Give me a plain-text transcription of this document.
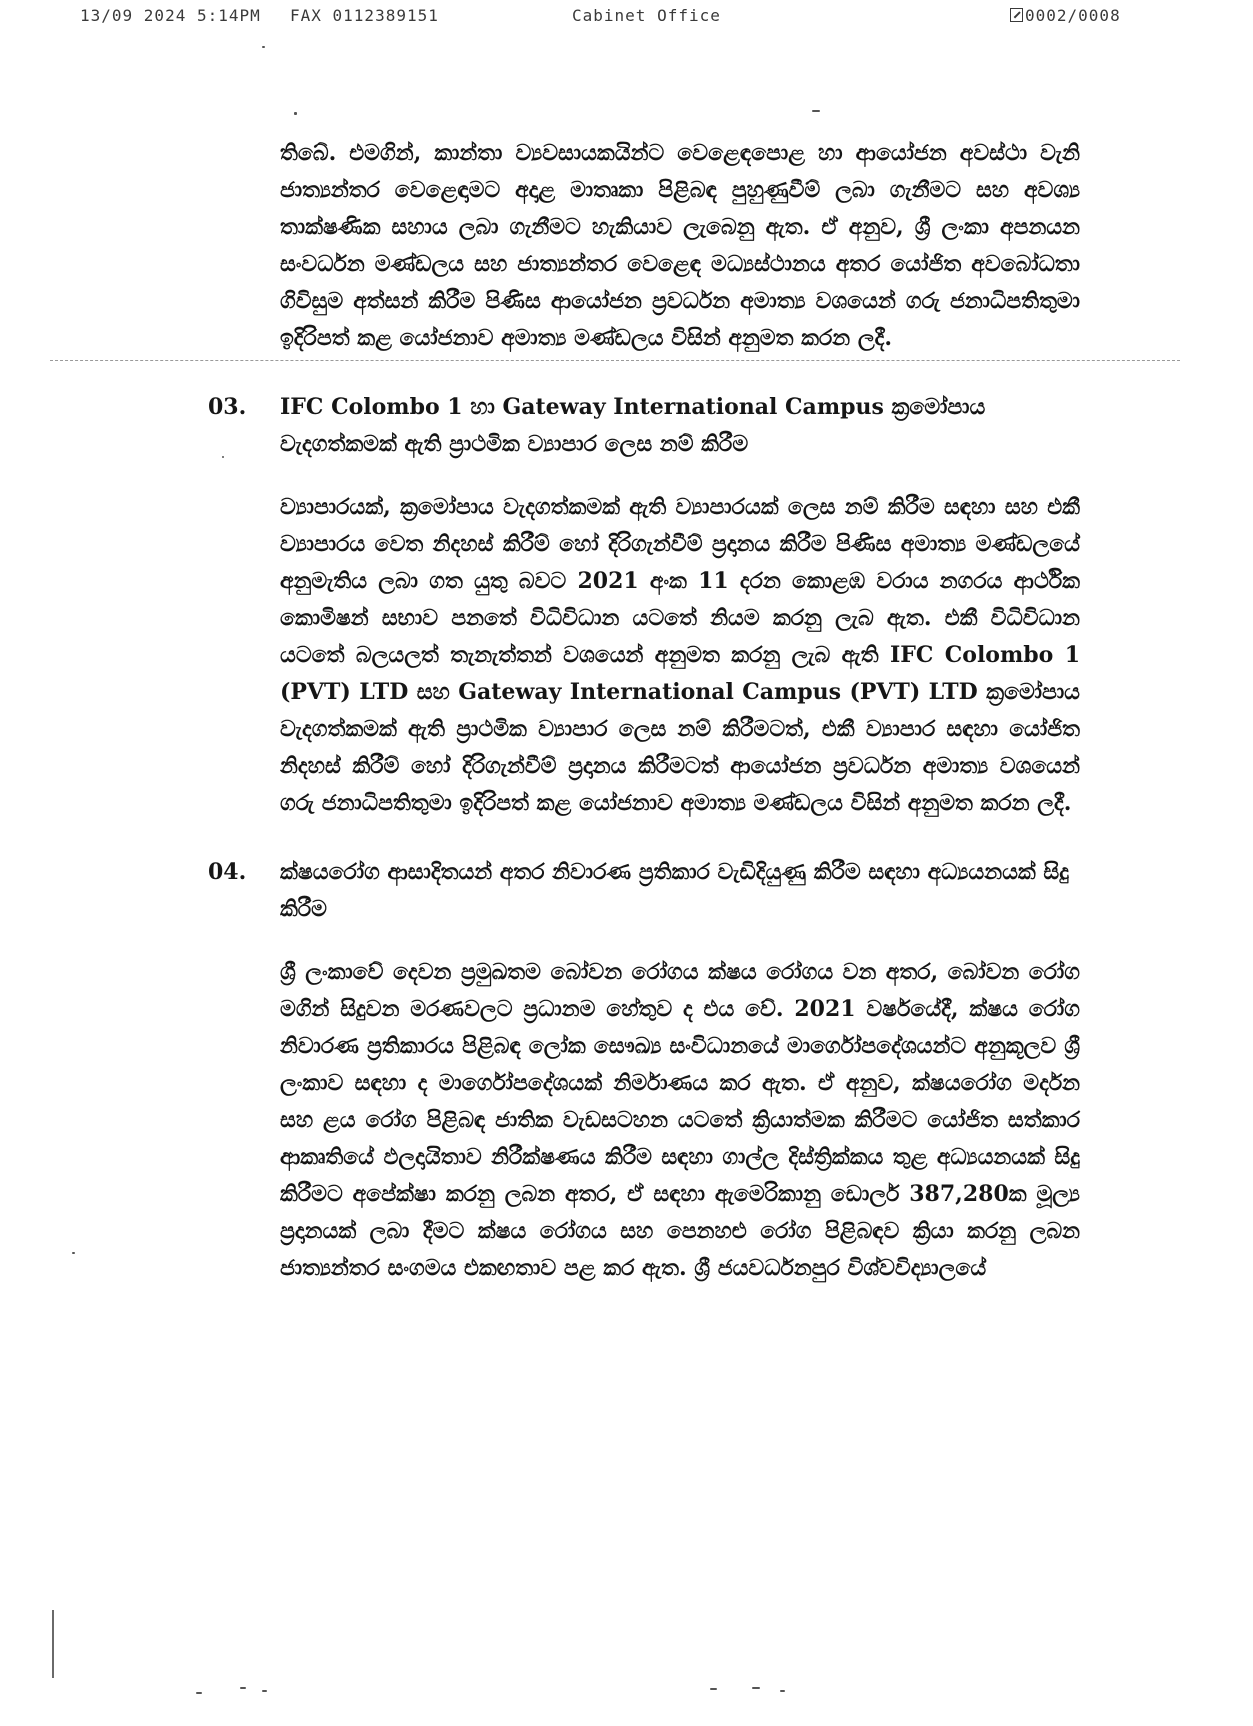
13/09 2024 5:14PM FAX 0112389151	Cabinet Office	0002/0008

තිබේ. එමගින්, කාන්තා ව්‍යවසායකයින්ට වෙළෙඳපොළ හා ආයෝජන අවස්ථා වැනි ජාත්‍යන්තර වෙළෙඳාමට අදාළ මාතෘකා පිළිබඳ පුහුණුවීම් ලබා ගැනීමට සහ අවශ්‍ය තාක්ෂණික සහාය ලබා ගැනීමට හැකියාව ලැබෙනු ඇත. ඒ අනුව, ශ්‍රී ලංකා අපනයන සංවර්ධන මණ්ඩලය සහ ජාත්‍යන්තර වෙළෙඳ මධ්‍යස්ථානය අතර යෝජිත අවබෝධතා ගිවිසුම අත්සන් කිරීම පිණිස ආයෝජන ප්‍රවර්ධන අමාත්‍ය වශයෙන් ගරු ජනාධිපතිතුමා ඉදිරිපත් කළ යෝජනාව අමාත්‍ය මණ්ඩලය විසින් අනුමත කරන ලදී.

03. IFC Colombo 1 හා Gateway International Campus ක්‍රමෝපාය වැදගත්කමක් ඇති ප්‍රාථමික ව්‍යාපාර ලෙස නම් කිරීම

ව්‍යාපාරයක්, ක්‍රමෝපාය වැදගත්කමක් ඇති ව්‍යාපාරයක් ලෙස නම් කිරීම සඳහා සහ එකී ව්‍යාපාරය වෙත නිදහස් කිරීම් හෝ දිරිගැන්වීම් ප්‍රදානය කිරීම පිණිස අමාත්‍ය මණ්ඩලයේ අනුමැතිය ලබා ගත යුතු බවට 2021 අංක 11 දරන කොළඹ වරාය නගරය ආර්ථික කොමිෂන් සභාව පනතේ විධිවිධාන යටතේ නියම කරනු ලැබ ඇත. එකී විධිවිධාන යටතේ බලයලත් තැනැත්තන් වශයෙන් අනුමත කරනු ලැබ ඇති IFC Colombo 1 (PVT) LTD සහ Gateway International Campus (PVT) LTD ක්‍රමෝපාය වැදගත්කමක් ඇති ප්‍රාථමික ව්‍යාපාර ලෙස නම් කිරීමටත්, එකී ව්‍යාපාර සඳහා යෝජිත නිදහස් කිරීම් හෝ දිරිගැන්වීම් ප්‍රදානය කිරීමටත් ආයෝජන ප්‍රවර්ධන අමාත්‍ය වශයෙන් ගරු ජනාධිපතිතුමා ඉදිරිපත් කළ යෝජනාව අමාත්‍ය මණ්ඩලය විසින් අනුමත කරන ලදී.

04. ක්ෂයරෝග ආසාදිතයන් අතර නිවාරණ ප්‍රතිකාර වැඩිදියුණු කිරීම සඳහා අධ්‍යයනයක් සිදු කිරීම

ශ්‍රී ලංකාවේ දෙවන ප්‍රමුඛතම බෝවන රෝගය ක්ෂය රෝගය වන අතර, බෝවන රෝග මගින් සිදුවන මරණවලට ප්‍රධානම හේතුව ද එය වේ. 2021 වර්ෂයේදී, ක්ෂය රෝග නිවාරණ ප්‍රතිකාරය පිළිබඳ ලෝක සෞඛ්‍ය සංවිධානයේ මාර්ගෝපදේශයන්ට අනුකූලව ශ්‍රී ලංකාව සඳහා ද මාර්ගෝපදේශයක් නිර්මාණය කර ඇත. ඒ අනුව, ක්ෂයරෝග මර්දන සහ ළය රෝග පිළිබඳ ජාතික වැඩසටහන යටතේ ක්‍රියාත්මක කිරීමට යෝජිත සත්කාර ආකෘතියේ ඵලදායිතාව නිරීක්ෂණය කිරීම සඳහා ගාල්ල දිස්ත්‍රික්කය තුළ අධ්‍යයනයක් සිදු කිරීමට අපේක්ෂා කරනු ලබන අතර, ඒ සඳහා ඇමෙරිකානු ඩොලර් 387,280ක මූල්‍ය ප්‍රදානයක් ලබා දීමට ක්ෂය රෝගය සහ පෙනහළු රෝග පිළිබඳව ක්‍රියා කරනු ලබන ජාත්‍යන්තර සංගමය එකඟතාව පළ කර ඇත. ශ්‍රී ජයවර්ධනපුර විශ්වවිද්‍යාලයේ
